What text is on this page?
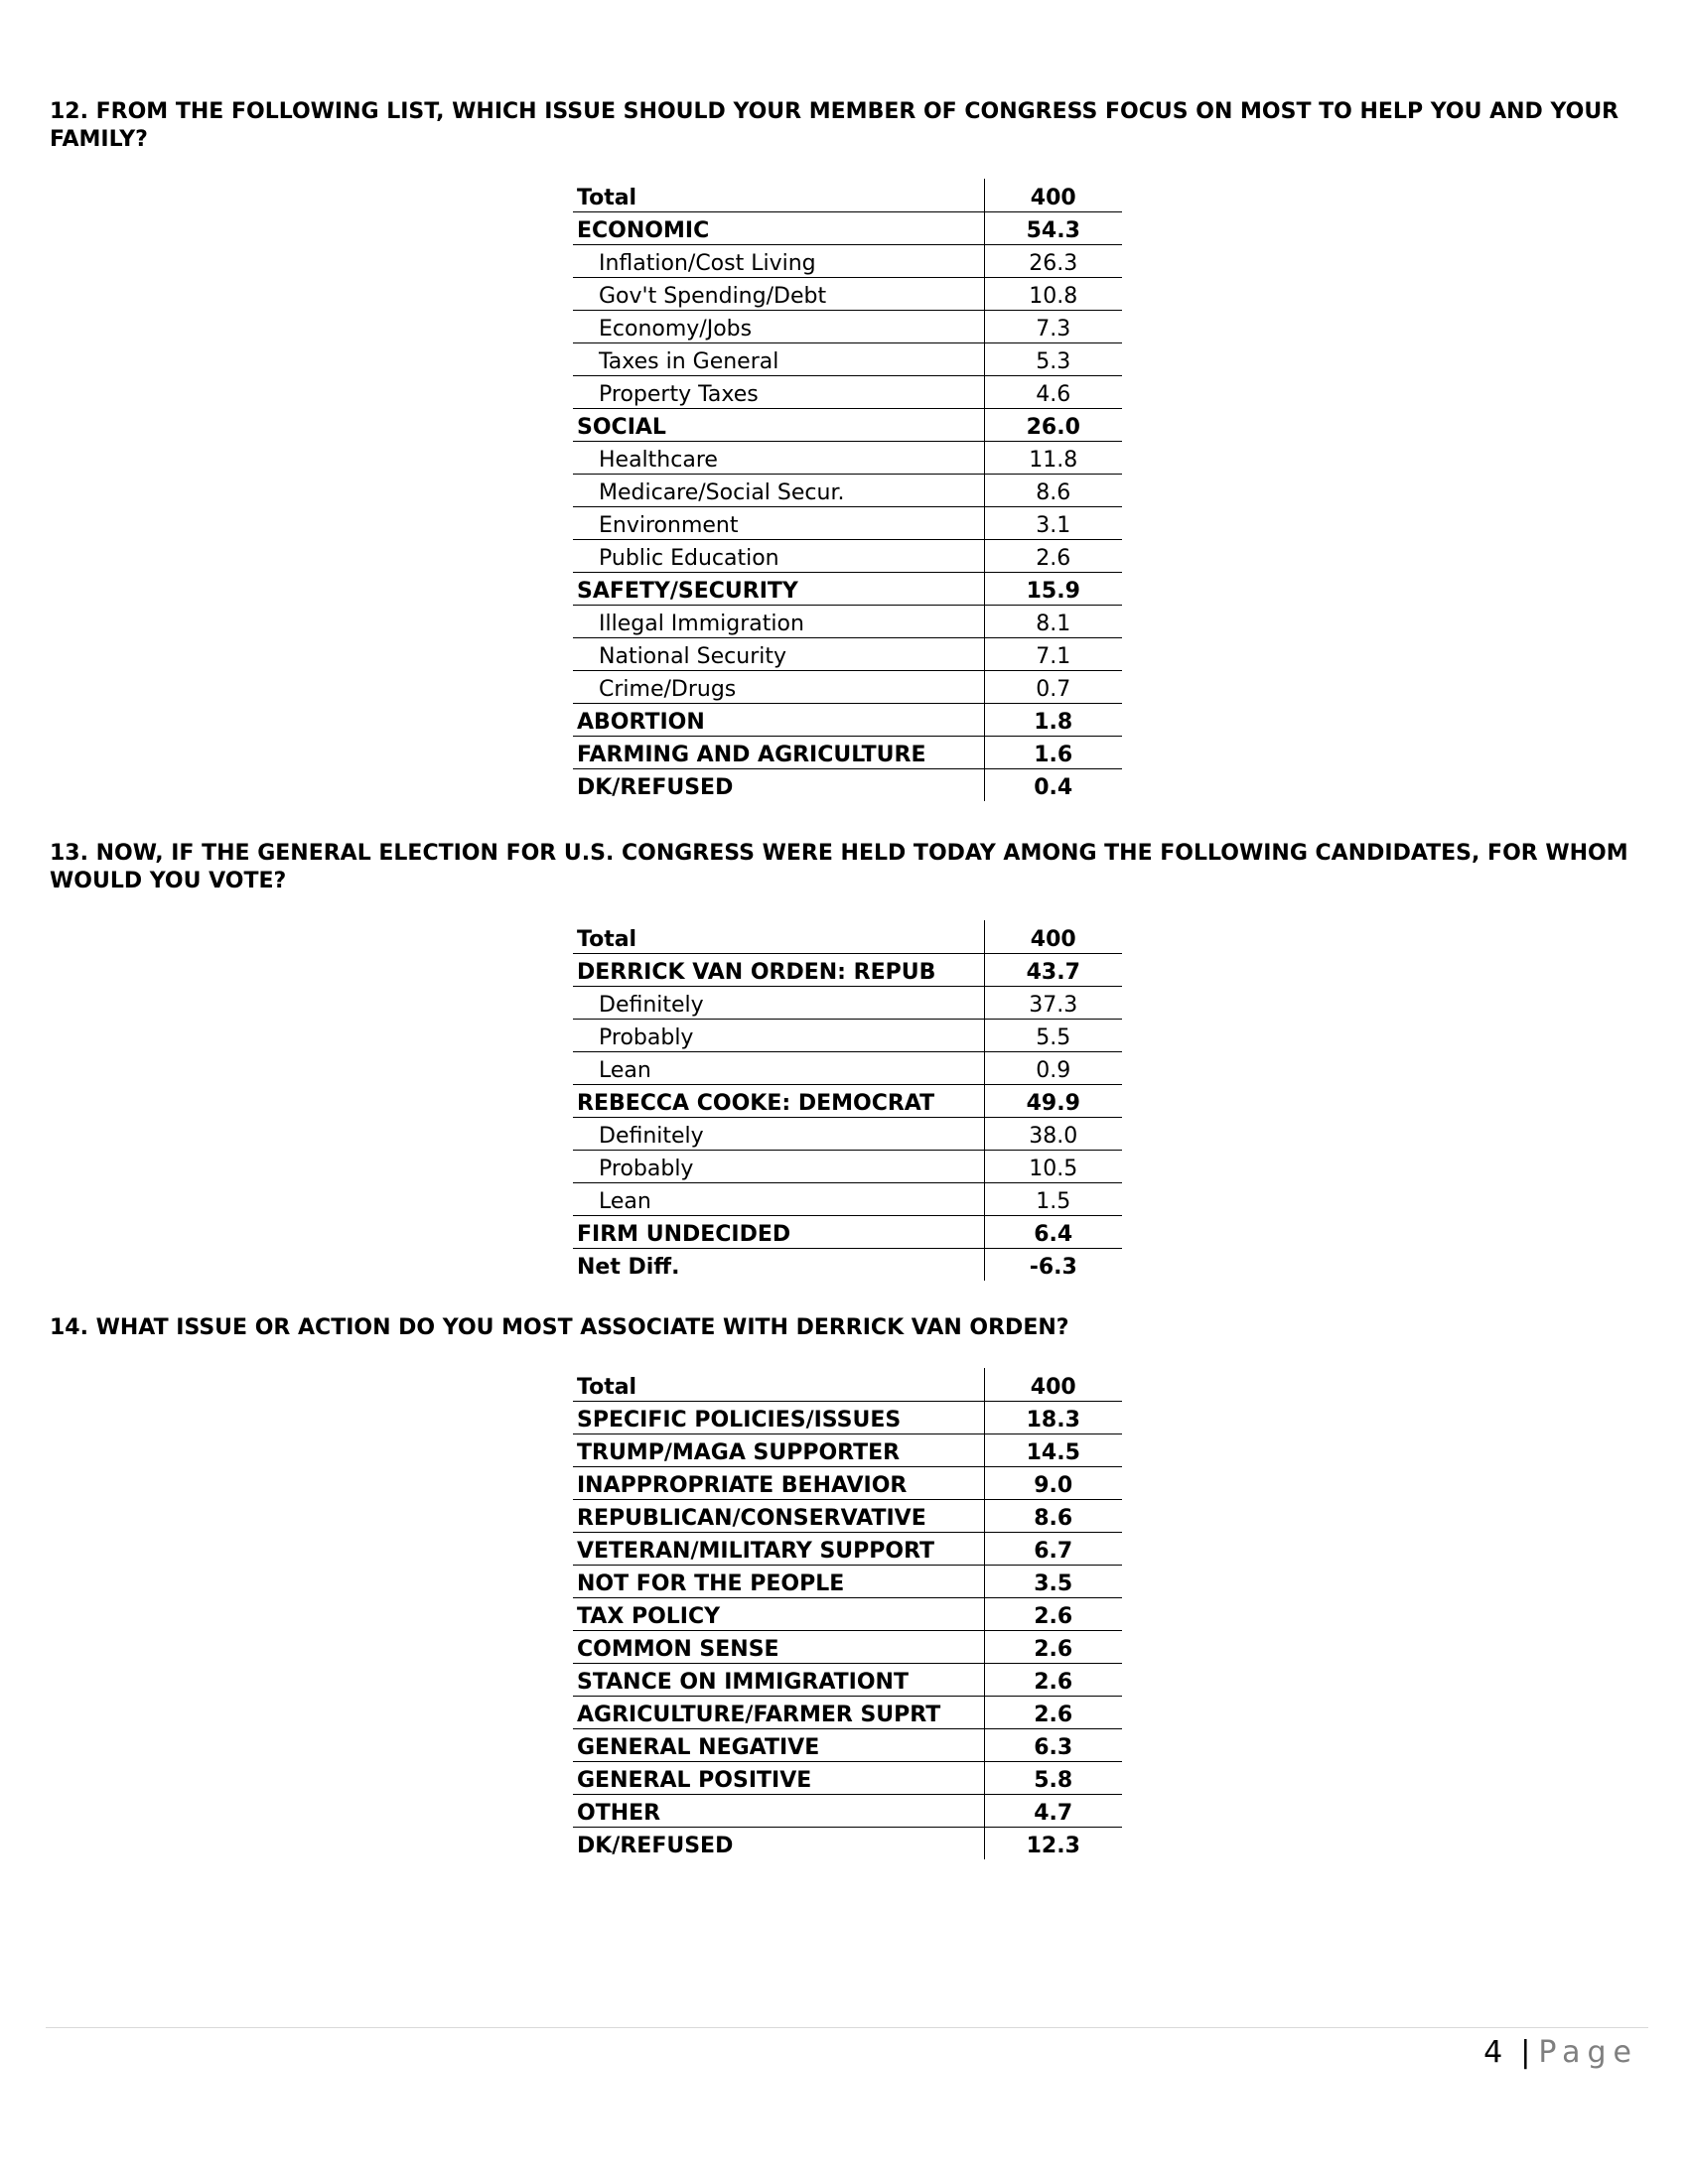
12. FROM THE FOLLOWING LIST, WHICH ISSUE SHOULD YOUR MEMBER OF CONGRESS FOCUS ON MOST TO HELP YOU AND YOUR FAMILY?

Total	400
ECONOMIC	54.3
Inflation/Cost Living	26.3
Gov't Spending/Debt	10.8
Economy/Jobs	7.3
Taxes in General	5.3
Property Taxes	4.6
SOCIAL	26.0
Healthcare	11.8
Medicare/Social Secur.	8.6
Environment	3.1
Public Education	2.6
SAFETY/SECURITY	15.9
Illegal Immigration	8.1
National Security	7.1
Crime/Drugs	0.7
ABORTION	1.8
FARMING AND AGRICULTURE	1.6
DK/REFUSED	0.4

13. NOW, IF THE GENERAL ELECTION FOR U.S. CONGRESS WERE HELD TODAY AMONG THE FOLLOWING CANDIDATES, FOR WHOM WOULD YOU VOTE?

Total	400
DERRICK VAN ORDEN: REPUB	43.7
Definitely	37.3
Probably	5.5
Lean	0.9
REBECCA COOKE: DEMOCRAT	49.9
Definitely	38.0
Probably	10.5
Lean	1.5
FIRM UNDECIDED	6.4
Net Diff.	-6.3

14. WHAT ISSUE OR ACTION DO YOU MOST ASSOCIATE WITH DERRICK VAN ORDEN?

Total	400
SPECIFIC POLICIES/ISSUES	18.3
TRUMP/MAGA SUPPORTER	14.5
INAPPROPRIATE BEHAVIOR	9.0
REPUBLICAN/CONSERVATIVE	8.6
VETERAN/MILITARY SUPPORT	6.7
NOT FOR THE PEOPLE	3.5
TAX POLICY	2.6
COMMON SENSE	2.6
STANCE ON IMMIGRATIONT	2.6
AGRICULTURE/FARMER SUPRT	2.6
GENERAL NEGATIVE	6.3
GENERAL POSITIVE	5.8
OTHER	4.7
DK/REFUSED	12.3
4 | Page
